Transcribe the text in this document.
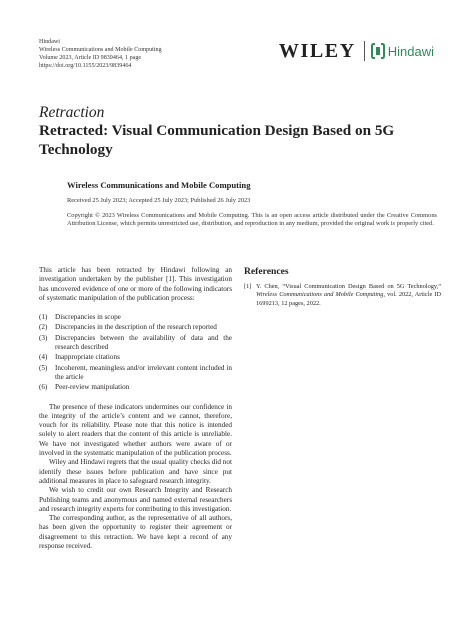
Hindawi
Wireless Communications and Mobile Computing
Volume 2023, Article ID 9839464, 1 page
https://doi.org/10.1155/2023/9839464
WILEY Hindawi
Retraction
Retracted: Visual Communication Design Based on 5G Technology
Wireless Communications and Mobile Computing
Received 25 July 2023; Accepted 25 July 2023; Published 26 July 2023
Copyright © 2023 Wireless Communications and Mobile Computing. This is an open access article distributed under the Creative Commons Attribution License, which permits unrestricted use, distribution, and reproduction in any medium, provided the original work is properly cited.

This article has been retracted by Hindawi following an investigation undertaken by the publisher [1]. This investigation has uncovered evidence of one or more of the following indicators of systematic manipulation of the publication process:

(1)	Discrepancies in scope
(2)	Discrepancies in the description of the research reported
(3)	Discrepancies between the availability of data and the research described
(4)	Inappropriate citations
(5)	Incoherent, meaningless and/or irrelevant content included in the article
(6)	Peer-review manipulation

The presence of these indicators undermines our confidence in the integrity of the article’s content and we cannot, therefore, vouch for its reliability. Please note that this notice is intended solely to alert readers that the content of this article is unreliable. We have not investigated whether authors were aware of or involved in the systematic manipulation of the publication process.

Wiley and Hindawi regrets that the usual quality checks did not identify these issues before publication and have since put additional measures in place to safeguard research integrity.

We wish to credit our own Research Integrity and Research Publishing teams and anonymous and named external researchers and research integrity experts for contributing to this investigation.

The corresponding author, as the representative of all authors, has been given the opportunity to register their agreement or disagreement to this retraction. We have kept a record of any response received.

References
[1] Y. Chen, “Visual Communication Design Based on 5G Technology,” Wireless Communications and Mobile Computing, vol. 2022, Article ID 1699213, 12 pages, 2022.
